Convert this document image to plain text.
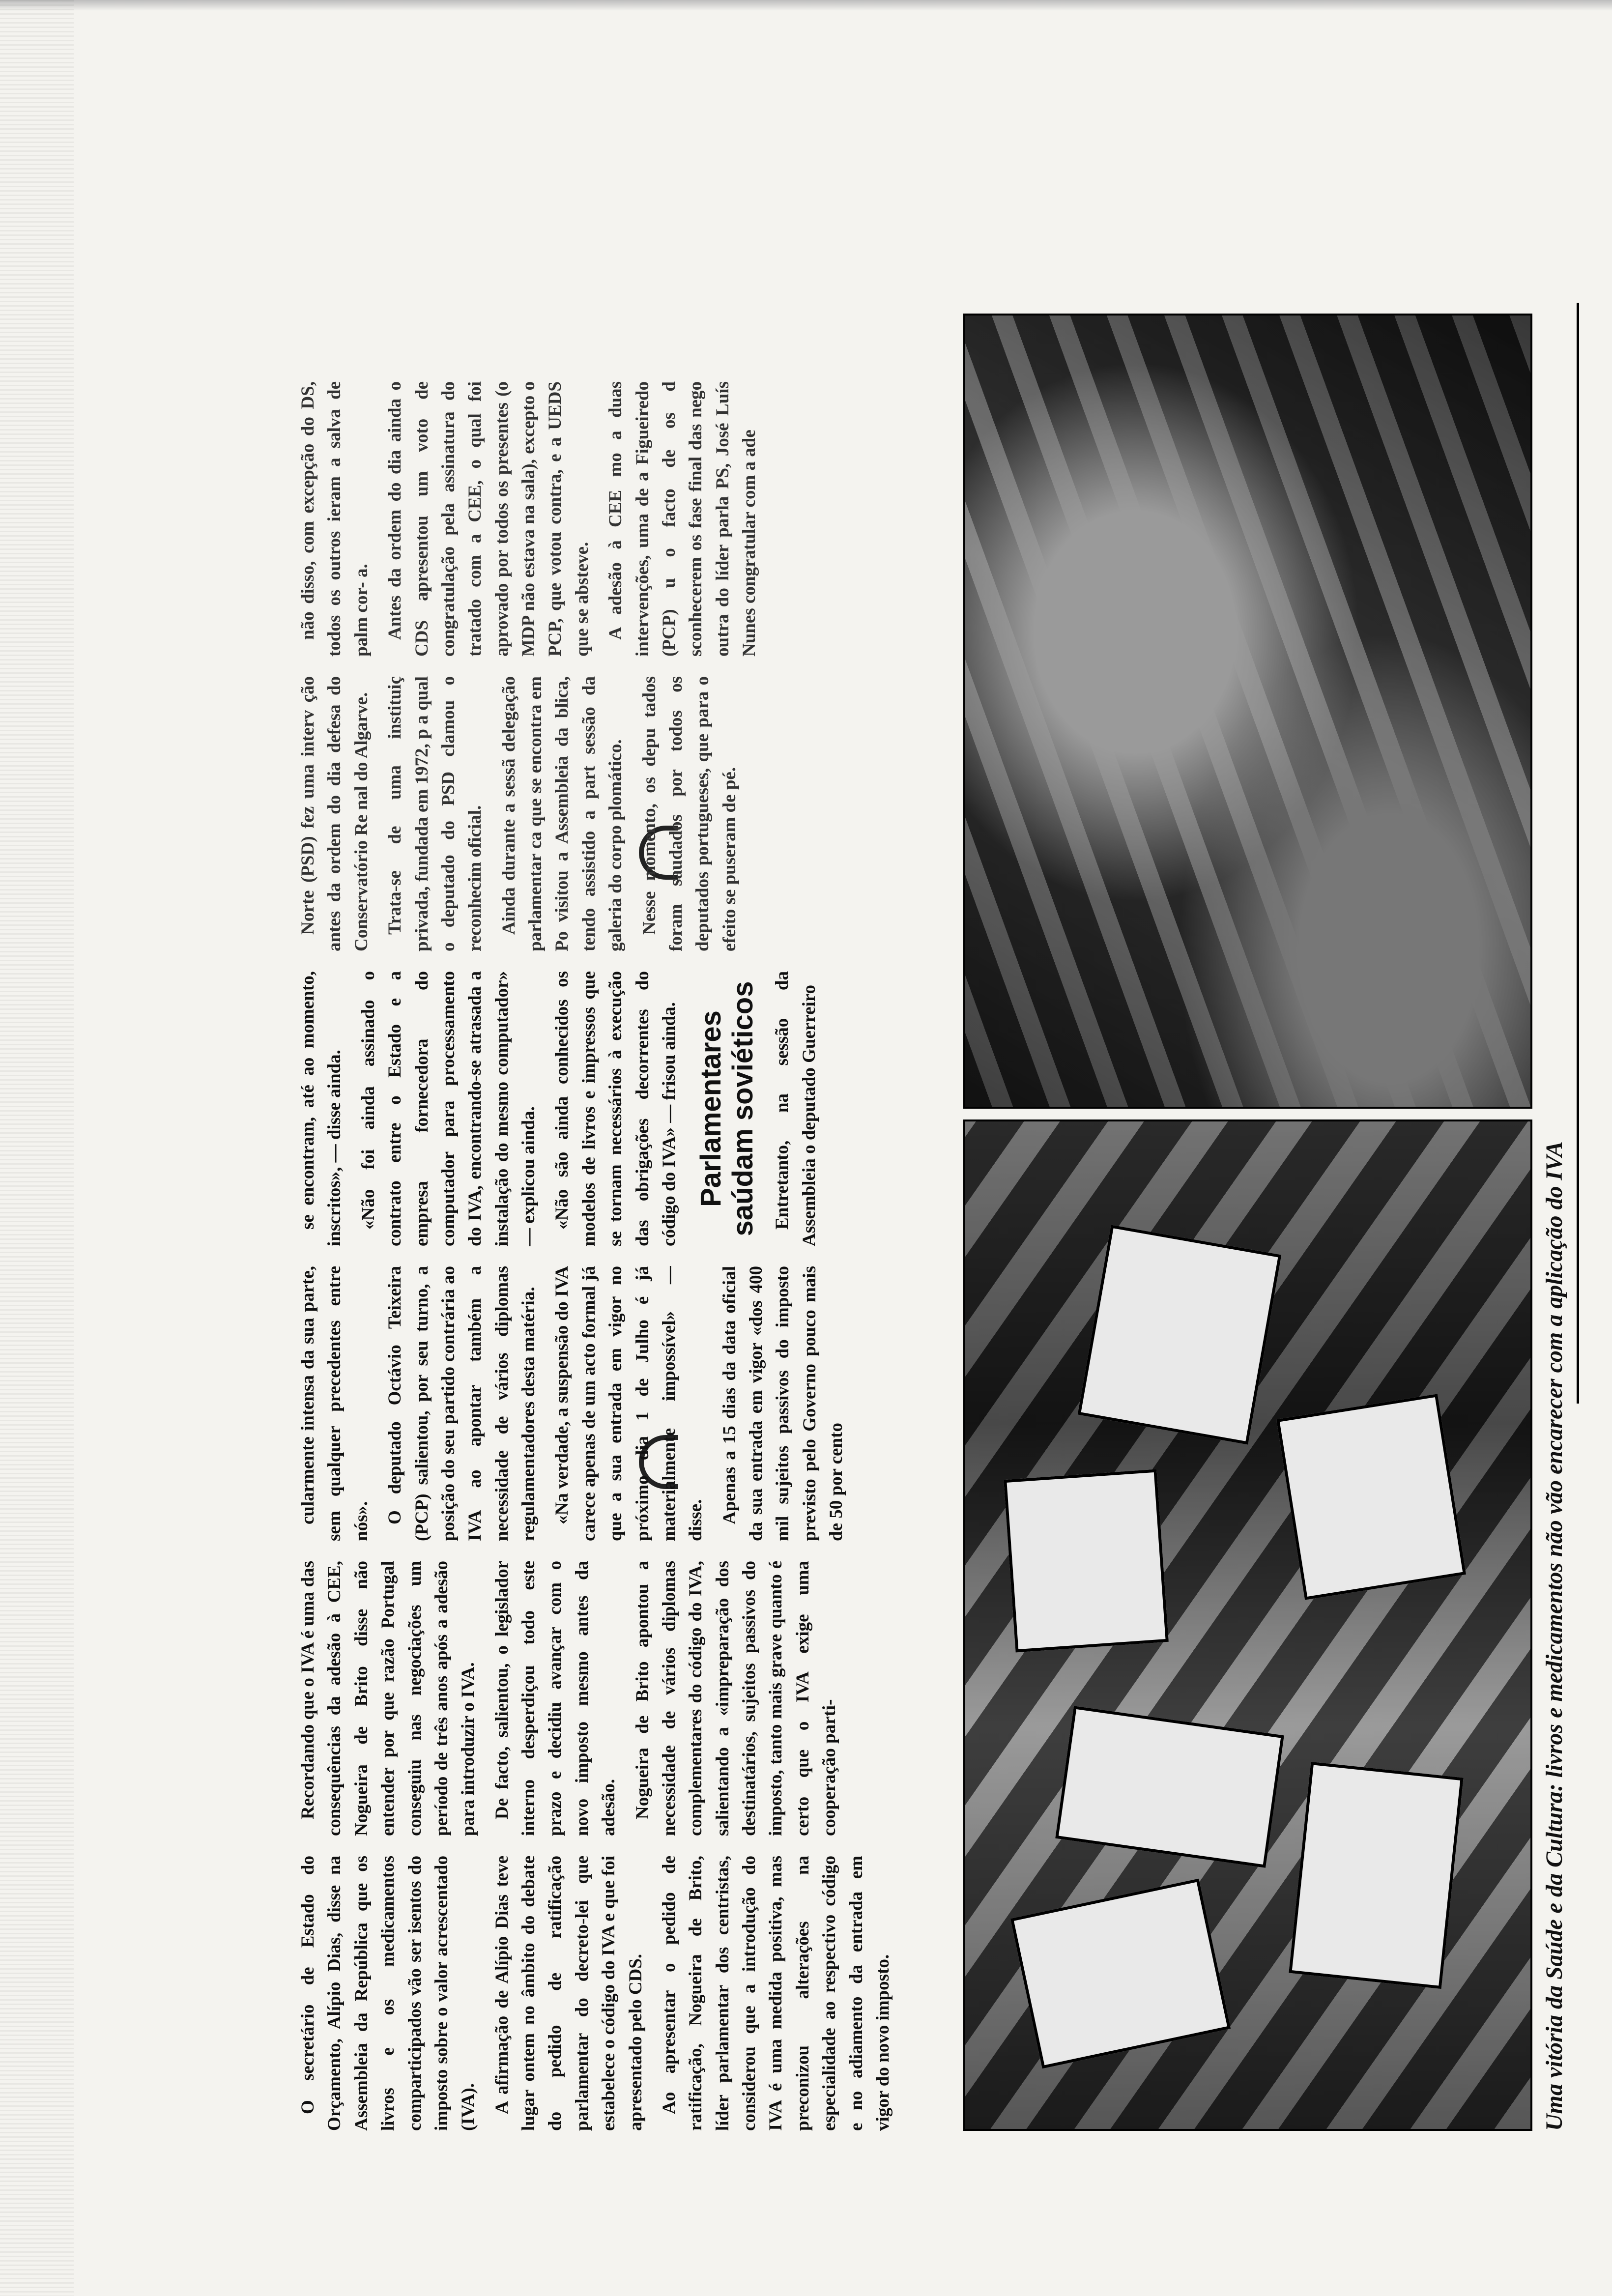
O secretário de Estado do Orçamento, Alípio Dias, disse na Assembleia da República que os livros e os medicamentos comparticipados vão ser isentos do imposto sobre o valor acrescentado (IVA). A afirmação de Alípio Dias teve lugar ontem no âmbito do debate do pedido de ratificação parlamentar do decreto-lei que estabelece o código do IVA e que foi apresentado pelo CDS. Ao apresentar o pedido de ratificação, Nogueira de Brito, líder parlamentar dos centristas, considerou que a introdução do IVA é uma medida positiva, mas preconizou alterações na especialidade ao respectivo código e no adiamento da entrada em vigor do novo imposto.

Recordando que o IVA é uma das consequências da adesão à CEE, Nogueira de Brito disse não entender por que razão Portugal conseguiu nas negociações um período de três anos após a adesão para introduzir o IVA. De facto, salientou, o legislador interno desperdiçou todo este prazo e decidiu avançar com o novo imposto mesmo antes da adesão. Nogueira de Brito apontou a necessidade de vários diplomas complementares do código do IVA, salientando a «impreparação dos destinatários, sujeitos passivos do imposto, tanto mais grave quanto é certo que o IVA exige uma cooperação parti-

cularmente intensa da sua parte, sem qualquer precedentes entre nós». O deputado Octávio Teixeira (PCP) salientou, por seu turno, a posição do seu partido contrária ao IVA ao apontar também a necessidade de vários diplomas regulamentadores desta matéria. «Na verdade, a suspensão do IVA carece apenas de um acto formal já que a sua entrada em vigor no próximo dia 1 de Julho é já materialmente impossível» — disse. Apenas a 15 dias da data oficial da sua entrada em vigor «dos 400 mil sujeitos passivos do imposto previsto pelo Governo pouco mais de 50 por cento

se encontram, até ao momento, inscritos», — disse ainda. «Não foi ainda assinado o contrato entre o Estado e a empresa fornecedora do computador para processamento do IVA, encontrando-se atrasada a instalação do mesmo computador» — explicou ainda. «Não são ainda conhecidos os modelos de livros e impressos que se tornam necessários à execução das obrigações decorrentes do código do IVA» — frisou ainda. Parlamentares saúdam soviéticos Entretanto, na sessão da Assembleia o deputado Guerreiro

Norte (PSD) fez uma interv ção antes da ordem do dia defesa do Conservatório Re nal do Algarve. Trata-se de uma instituiç privada, fundada em 1972, p a qual o deputado do PSD clamou o reconhecim oficial. Ainda durante a sessã delegação parlamentar ca que se encontra em Po visitou a Assembleia da blica, tendo assistido a part sessão da galeria do corpo plomático. Nesse momento, os depu tados foram saudados por todos os deputados portugueses, que para o efeito se puseram de pé.

não disso, com excepção do DS, todos os outros ieram a salva de palm cor- a. Antes da ordem do dia ainda o CDS apresentou um voto de congratulação pela assinatura do tratado com a CEE, o qual foi aprovado por todos os presentes (o MDP não estava na sala), excepto o PCP, que votou contra, e a UEDS que se absteve. A adesão à CEE mo a duas intervenções, uma de a Figueiredo (PCP) u o facto de os d sconhecerem os fase final das nego outra do líder parla PS, José Luís Nunes congratular com a ade

Uma vitória da Saúde e da Cultura: livros e medicamentos não vão encarecer com a aplicação do IVA
